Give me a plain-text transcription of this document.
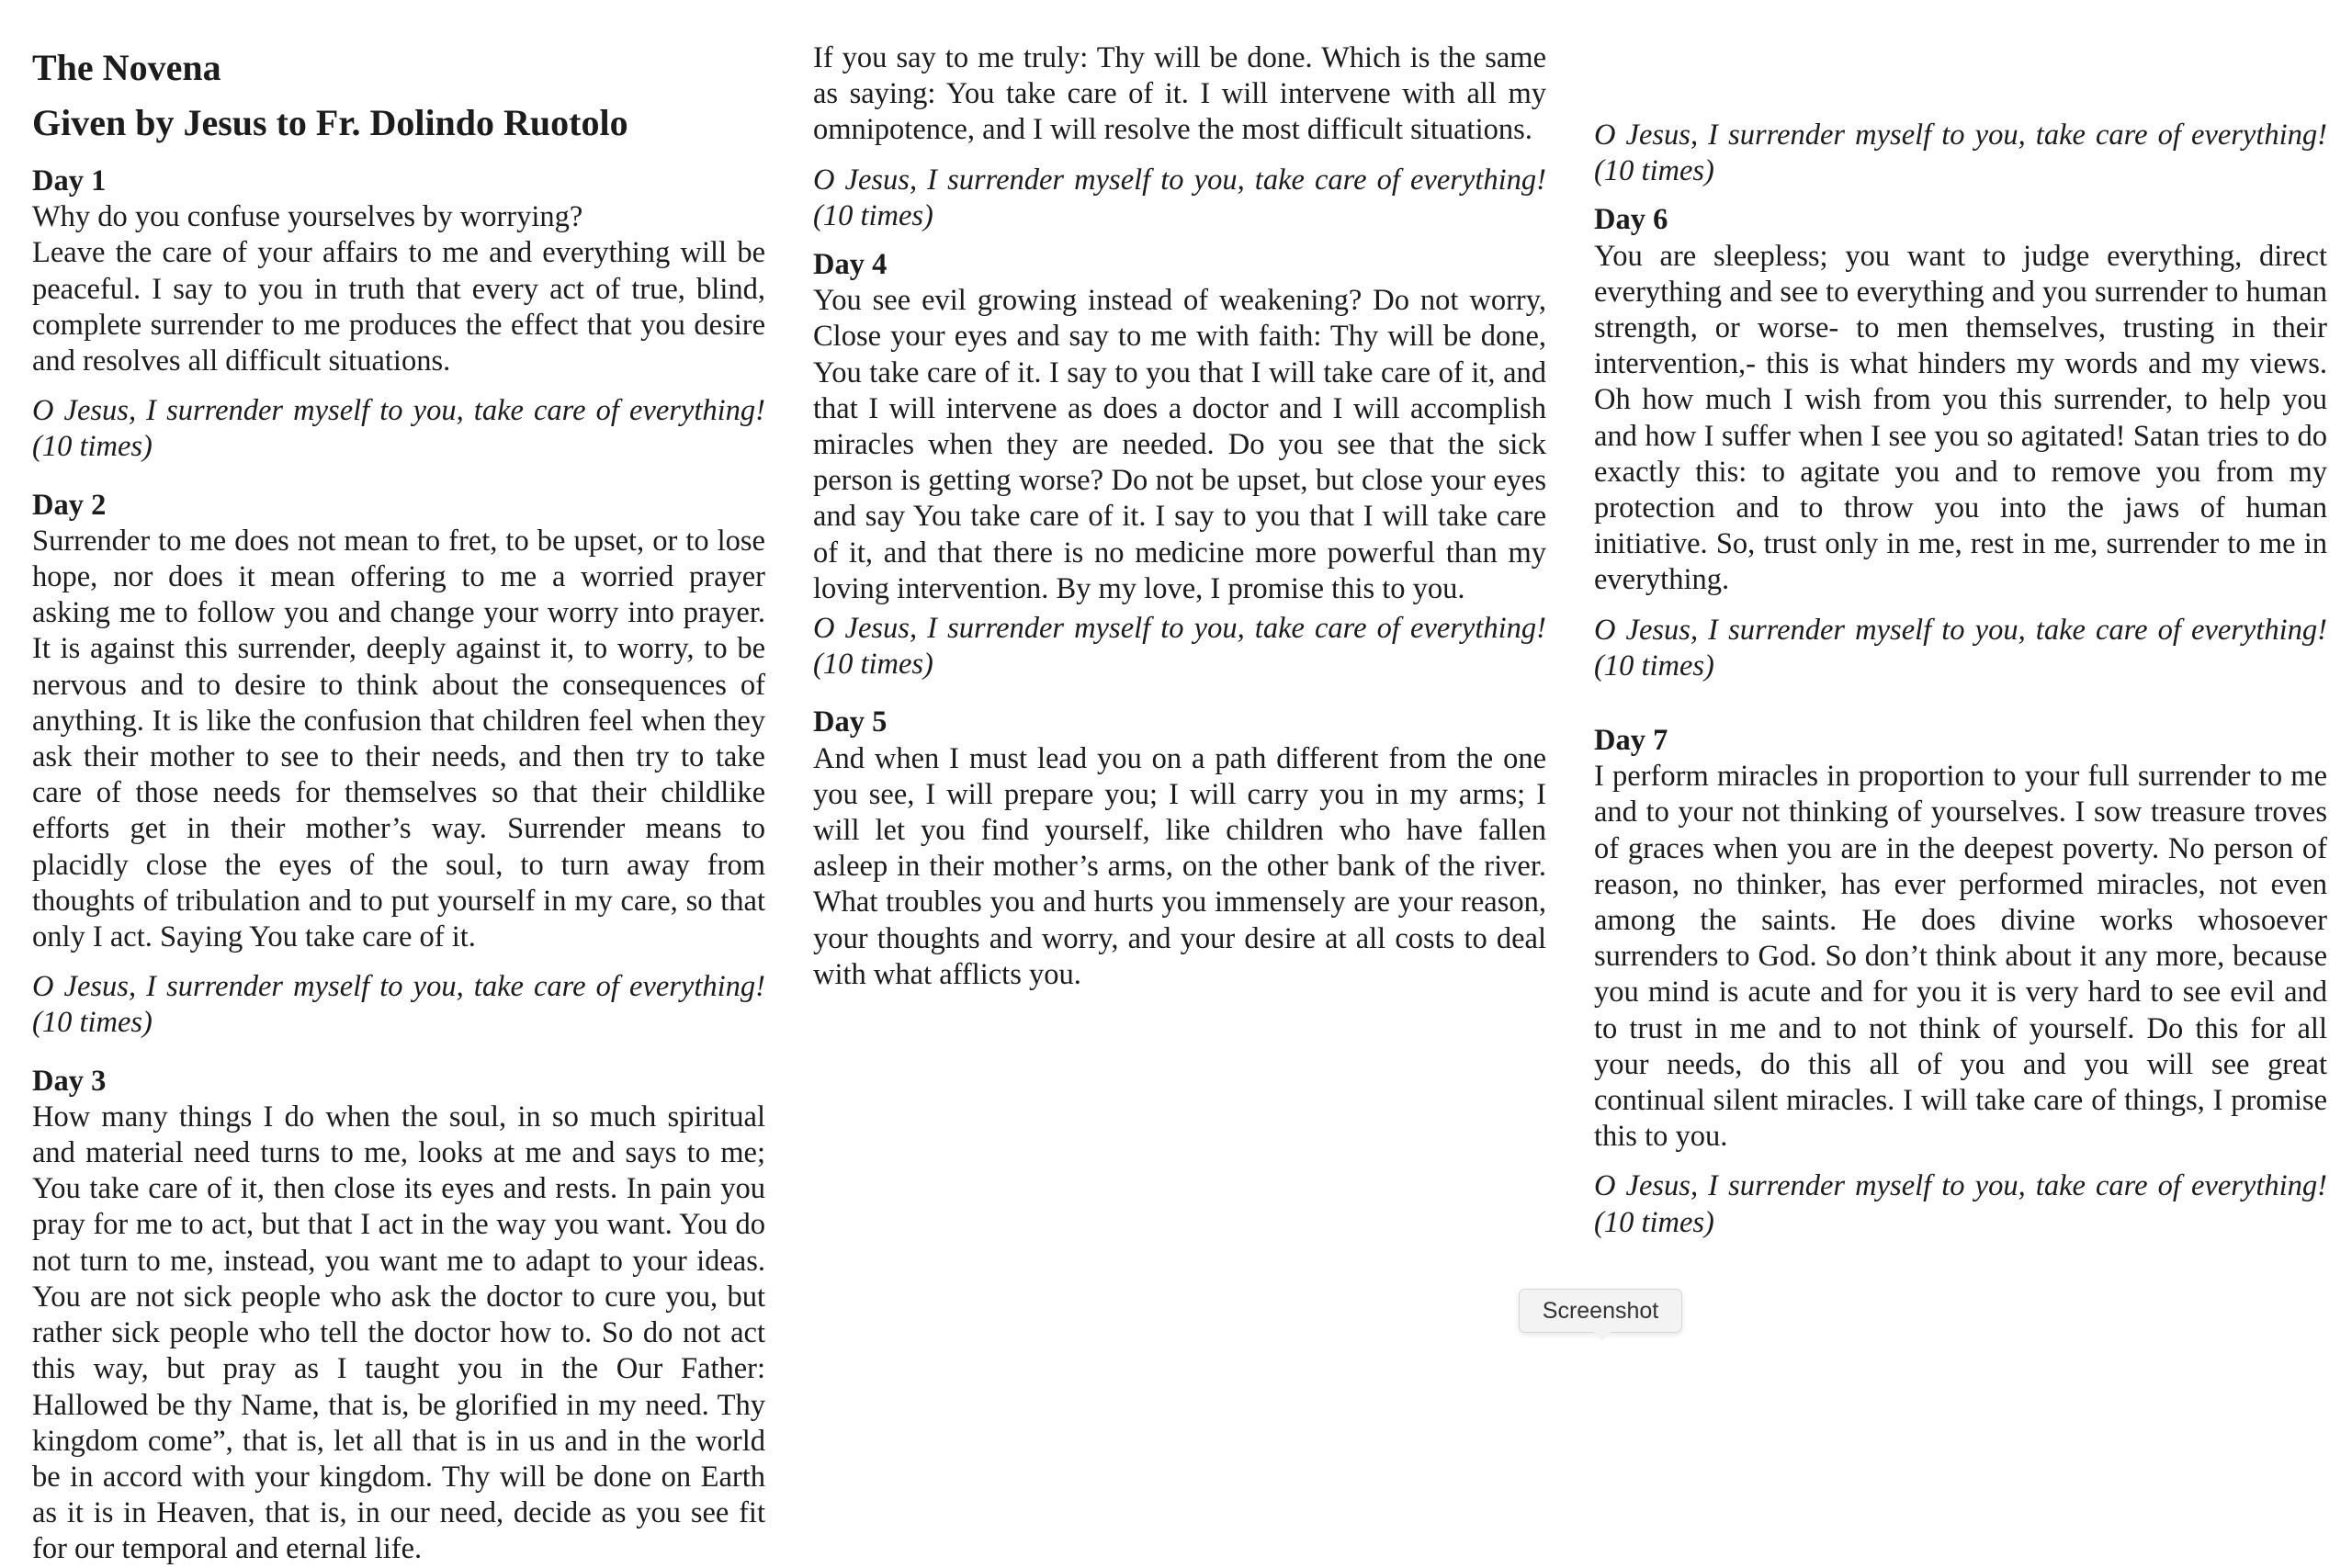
The Novena
Given by Jesus to Fr. Dolindo Ruotolo

Day 1

Why do you confuse yourselves by worrying?

Leave the care of your affairs to me and everything will be peaceful. I say to you in truth that every act of true, blind, complete surrender to me produces the effect that you desire and resolves all difficult situations.

O Jesus, I surrender myself to you, take care of everything! (10 times)

Day 2

Surrender to me does not mean to fret, to be upset, or to lose hope, nor does it mean offering to me a worried prayer asking me to follow you and change your worry into prayer. It is against this surrender, deeply against it, to worry, to be nervous and to desire to think about the consequences of anything. It is like the confusion that children feel when they ask their mother to see to their needs, and then try to take care of those needs for themselves so that their childlike efforts get in their mother’s way. Surrender means to placidly close the eyes of the soul, to turn away from thoughts of tribulation and to put yourself in my care, so that only I act. Saying You take care of it.

O Jesus, I surrender myself to you, take care of everything! (10 times)

Day 3

How many things I do when the soul, in so much spiritual and material need turns to me, looks at me and says to me; You take care of it, then close its eyes and rests. In pain you pray for me to act, but that I act in the way you want. You do not turn to me, instead, you want me to adapt to your ideas. You are not sick people who ask the doctor to cure you, but rather sick people who tell the doctor how to. So do not act this way, but pray as I taught you in the Our Father: Hallowed be thy Name, that is, be glorified in my need. Thy kingdom come”, that is, let all that is in us and in the world be in accord with your kingdom. Thy will be done on Earth as it is in Heaven, that is, in our need, decide as you see fit for our temporal and eternal life.

If you say to me truly: Thy will be done. Which is the same as saying: You take care of it. I will intervene with all my omnipotence, and I will resolve the most difficult situations.

O Jesus, I surrender myself to you, take care of everything! (10 times)

Day 4

You see evil growing instead of weakening? Do not worry, Close your eyes and say to me with faith: Thy will be done, You take care of it. I say to you that I will take care of it, and that I will intervene as does a doctor and I will accomplish miracles when they are needed. Do you see that the sick person is getting worse? Do not be upset, but close your eyes and say You take care of it. I say to you that I will take care of it, and that there is no medicine more powerful than my loving intervention. By my love, I promise this to you.

O Jesus, I surrender myself to you, take care of everything! (10 times)

Day 5

And when I must lead you on a path different from the one you see, I will prepare you; I will carry you in my arms; I will let you find yourself, like children who have fallen asleep in their mother’s arms, on the other bank of the river. What troubles you and hurts you immensely are your reason, your thoughts and worry, and your desire at all costs to deal with what afflicts you.

O Jesus, I surrender myself to you, take care of everything! (10 times)

Day 6

You are sleepless; you want to judge everything, direct everything and see to everything and you surrender to human strength, or worse- to men themselves, trusting in their intervention,- this is what hinders my words and my views. Oh how much I wish from you this surrender, to help you and how I suffer when I see you so agitated! Satan tries to do exactly this: to agitate you and to remove you from my protection and to throw you into the jaws of human initiative. So, trust only in me, rest in me, surrender to me in everything.

O Jesus, I surrender myself to you, take care of everything! (10 times)

Day 7

I perform miracles in proportion to your full surrender to me and to your not thinking of yourselves. I sow treasure troves of graces when you are in the deepest poverty. No person of reason, no thinker, has ever performed miracles, not even among the saints. He does divine works whosoever surrenders to God. So don’t think about it any more, because you mind is acute and for you it is very hard to see evil and to trust in me and to not think of yourself. Do this for all your needs, do this all of you and you will see great continual silent miracles. I will take care of things, I promise this to you.

O Jesus, I surrender myself to you, take care of everything! (10 times)

Screenshot
